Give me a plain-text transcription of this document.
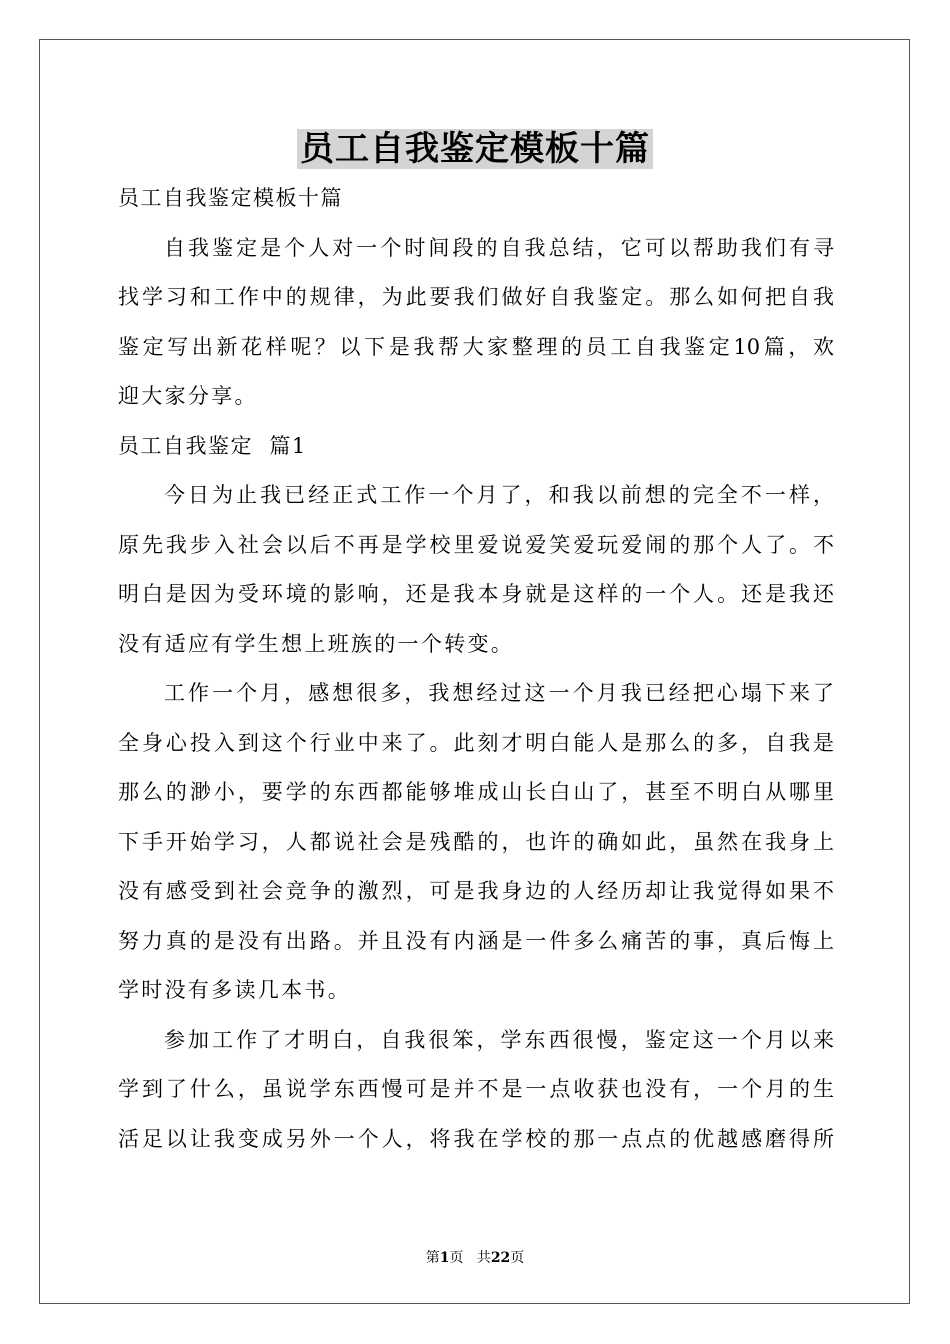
员工自我鉴定模板十篇
员工自我鉴定模板十篇
自我鉴定是个人对一个时间段的自我总结，它可以帮助我们有寻
找学习和工作中的规律，为此要我们做好自我鉴定。那么如何把自我
鉴定写出新花样呢？以下是我帮大家整理的员工自我鉴定10篇，欢
迎大家分享。
员工自我鉴定  篇1
今日为止我已经正式工作一个月了，和我以前想的完全不一样，
原先我步入社会以后不再是学校里爱说爱笑爱玩爱闹的那个人了。不
明白是因为受环境的影响，还是我本身就是这样的一个人。还是我还
没有适应有学生想上班族的一个转变。
工作一个月，感想很多，我想经过这一个月我已经把心塌下来了
全身心投入到这个行业中来了。此刻才明白能人是那么的多，自我是
那么的渺小，要学的东西都能够堆成山长白山了，甚至不明白从哪里
下手开始学习，人都说社会是残酷的，也许的确如此，虽然在我身上
没有感受到社会竞争的激烈，可是我身边的人经历却让我觉得如果不
努力真的是没有出路。并且没有内涵是一件多么痛苦的事，真后悔上
学时没有多读几本书。
参加工作了才明白，自我很笨，学东西很慢，鉴定这一个月以来
学到了什么，虽说学东西慢可是并不是一点收获也没有，一个月的生
活足以让我变成另外一个人，将我在学校的那一点点的优越感磨得所
第1页 共22页
